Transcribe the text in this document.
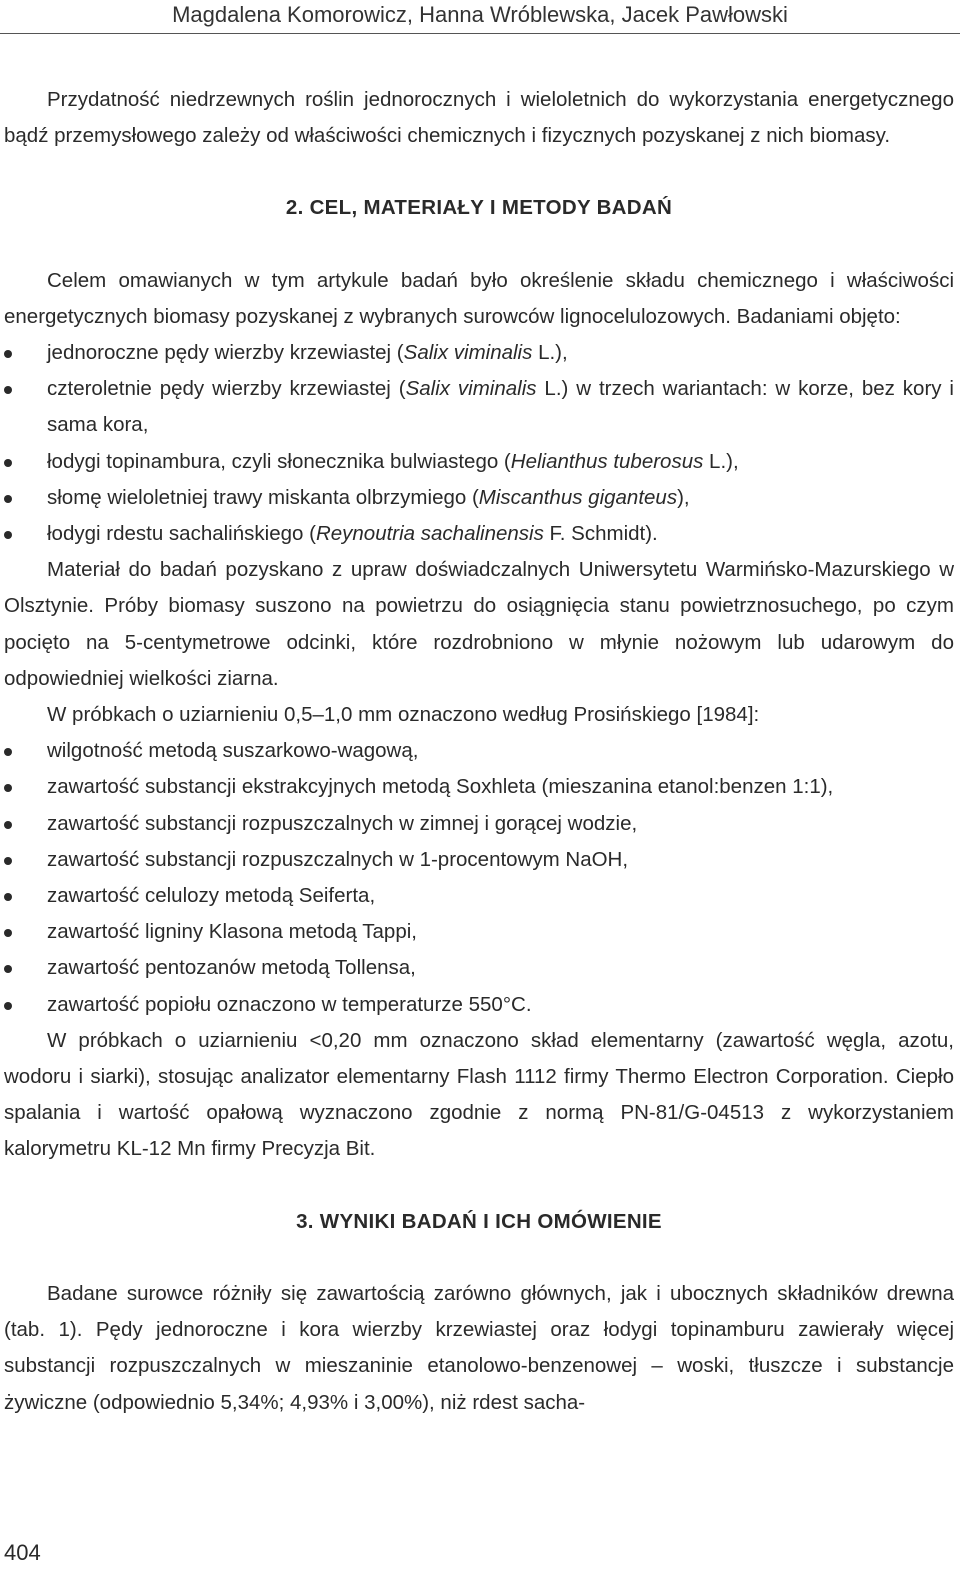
Magdalena Komorowicz, Hanna Wróblewska, Jacek Pawłowski

Przydatność niedrzewnych roślin jednorocznych i wieloletnich do wykorzystania energetycznego bądź przemysłowego zależy od właściwości chemicznych i fizycznych pozyskanej z nich biomasy.

2. CEL, MATERIAŁY I METODY BADAŃ

Celem omawianych w tym artykule badań było określenie składu chemicznego i właściwości energetycznych biomasy pozyskanej z wybranych surowców lignocelulozowych. Badaniami objęto:

jednoroczne pędy wierzby krzewiastej (Salix viminalis L.),
czteroletnie pędy wierzby krzewiastej (Salix viminalis L.) w trzech wariantach: w korze, bez kory i sama kora,
łodygi topinambura, czyli słonecznika bulwiastego (Helianthus tuberosus L.),
słomę wieloletniej trawy miskanta olbrzymiego (Miscanthus giganteus),
łodygi rdestu sachalińskiego (Reynoutria sachalinensis F. Schmidt).

Materiał do badań pozyskano z upraw doświadczalnych Uniwersytetu Warmińsko-Mazurskiego w Olsztynie. Próby biomasy suszono na powietrzu do osiągnięcia stanu powietrznosuchego, po czym pocięto na 5-centymetrowe odcinki, które rozdrobniono w młynie nożowym lub udarowym do odpowiedniej wielkości ziarna.

W próbkach o uziarnieniu 0,5–1,0 mm oznaczono według Prosińskiego [1984]:

wilgotność metodą suszarkowo-wagową,
zawartość substancji ekstrakcyjnych metodą Soxhleta (mieszanina etanol:benzen 1:1),
zawartość substancji rozpuszczalnych w zimnej i gorącej wodzie,
zawartość substancji rozpuszczalnych w 1-procentowym NaOH,
zawartość celulozy metodą Seiferta,
zawartość ligniny Klasona metodą Tappi,
zawartość pentozanów metodą Tollensa,
zawartość popiołu oznaczono w temperaturze 550°C.

W próbkach o uziarnieniu <0,20 mm oznaczono skład elementarny (zawartość węgla, azotu, wodoru i siarki), stosując analizator elementarny Flash 1112 firmy Thermo Electron Corporation. Ciepło spalania i wartość opałową wyznaczono zgodnie z normą PN-81/G-04513 z wykorzystaniem kalorymetru KL-12 Mn firmy Precyzja Bit.

3. WYNIKI BADAŃ I ICH OMÓWIENIE

Badane surowce różniły się zawartością zarówno głównych, jak i ubocznych składników drewna (tab. 1). Pędy jednoroczne i kora wierzby krzewiastej oraz łodygi topinamburu zawierały więcej substancji rozpuszczalnych w mieszaninie etanolowo-benzenowej – woski, tłuszcze i substancje żywiczne (odpowiednio 5,34%; 4,93% i 3,00%), niż rdest sacha-

404
